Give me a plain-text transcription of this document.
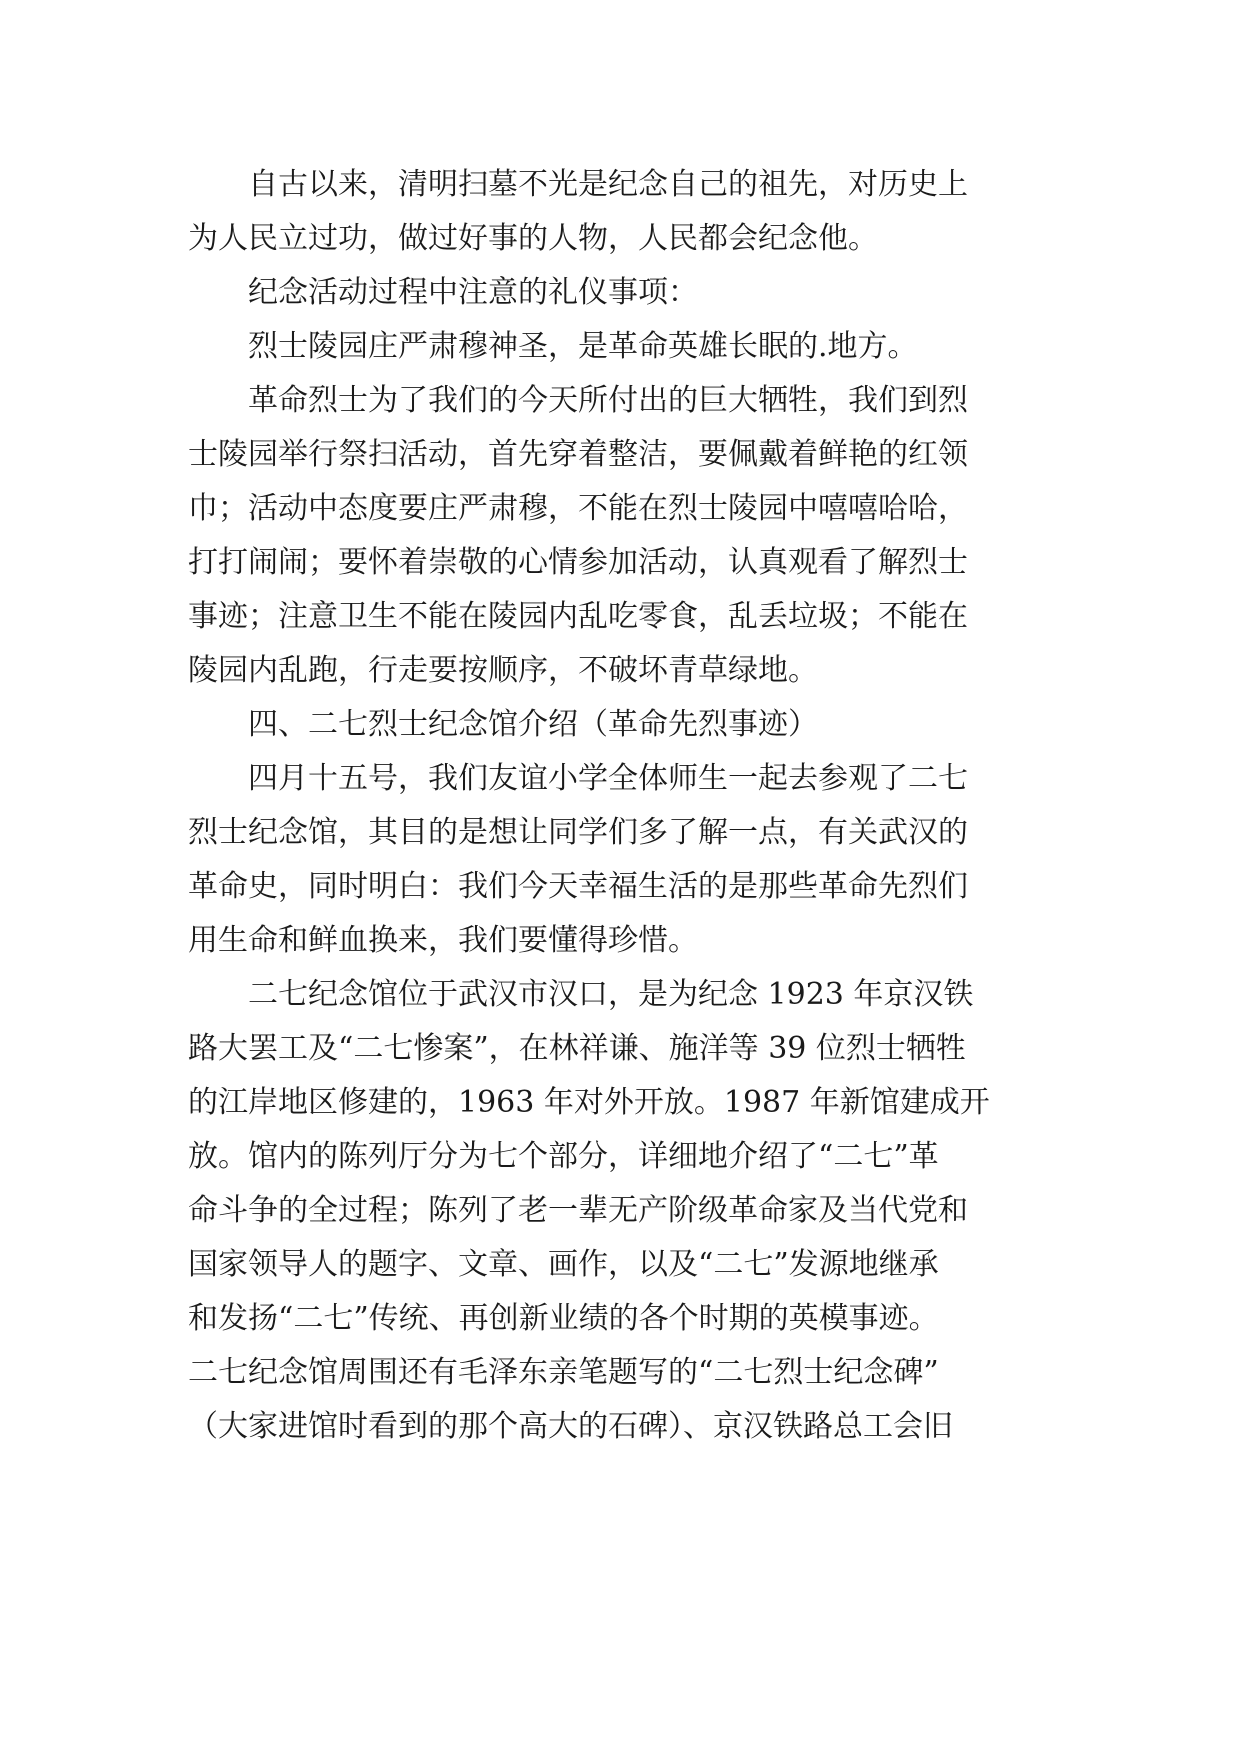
自古以来，清明扫墓不光是纪念自己的祖先，对历史上
为人民立过功，做过好事的人物，人民都会纪念他。
纪念活动过程中注意的礼仪事项：
烈士陵园庄严肃穆神圣，是革命英雄长眠的.地方。
革命烈士为了我们的今天所付出的巨大牺牲，我们到烈
士陵园举行祭扫活动，首先穿着整洁，要佩戴着鲜艳的红领
巾；活动中态度要庄严肃穆，不能在烈士陵园中嘻嘻哈哈，
打打闹闹；要怀着崇敬的心情参加活动，认真观看了解烈士
事迹；注意卫生不能在陵园内乱吃零食，乱丢垃圾；不能在
陵园内乱跑，行走要按顺序，不破坏青草绿地。
四、二七烈士纪念馆介绍（革命先烈事迹）
四月十五号，我们友谊小学全体师生一起去参观了二七
烈士纪念馆，其目的是想让同学们多了解一点，有关武汉的
革命史，同时明白：我们今天幸福生活的是那些革命先烈们
用生命和鲜血换来，我们要懂得珍惜。
二七纪念馆位于武汉市汉口，是为纪念 1923 年京汉铁
路大罢工及“二七惨案”，在林祥谦、施洋等 39 位烈士牺牲
的江岸地区修建的，1963 年对外开放。1987 年新馆建成开
放。馆内的陈列厅分为七个部分，详细地介绍了“二七”革
命斗争的全过程；陈列了老一辈无产阶级革命家及当代党和
国家领导人的题字、文章、画作，以及“二七”发源地继承
和发扬“二七”传统、再创新业绩的各个时期的英模事迹。
二七纪念馆周围还有毛泽东亲笔题写的“二七烈士纪念碑”
（大家进馆时看到的那个高大的石碑）、京汉铁路总工会旧
